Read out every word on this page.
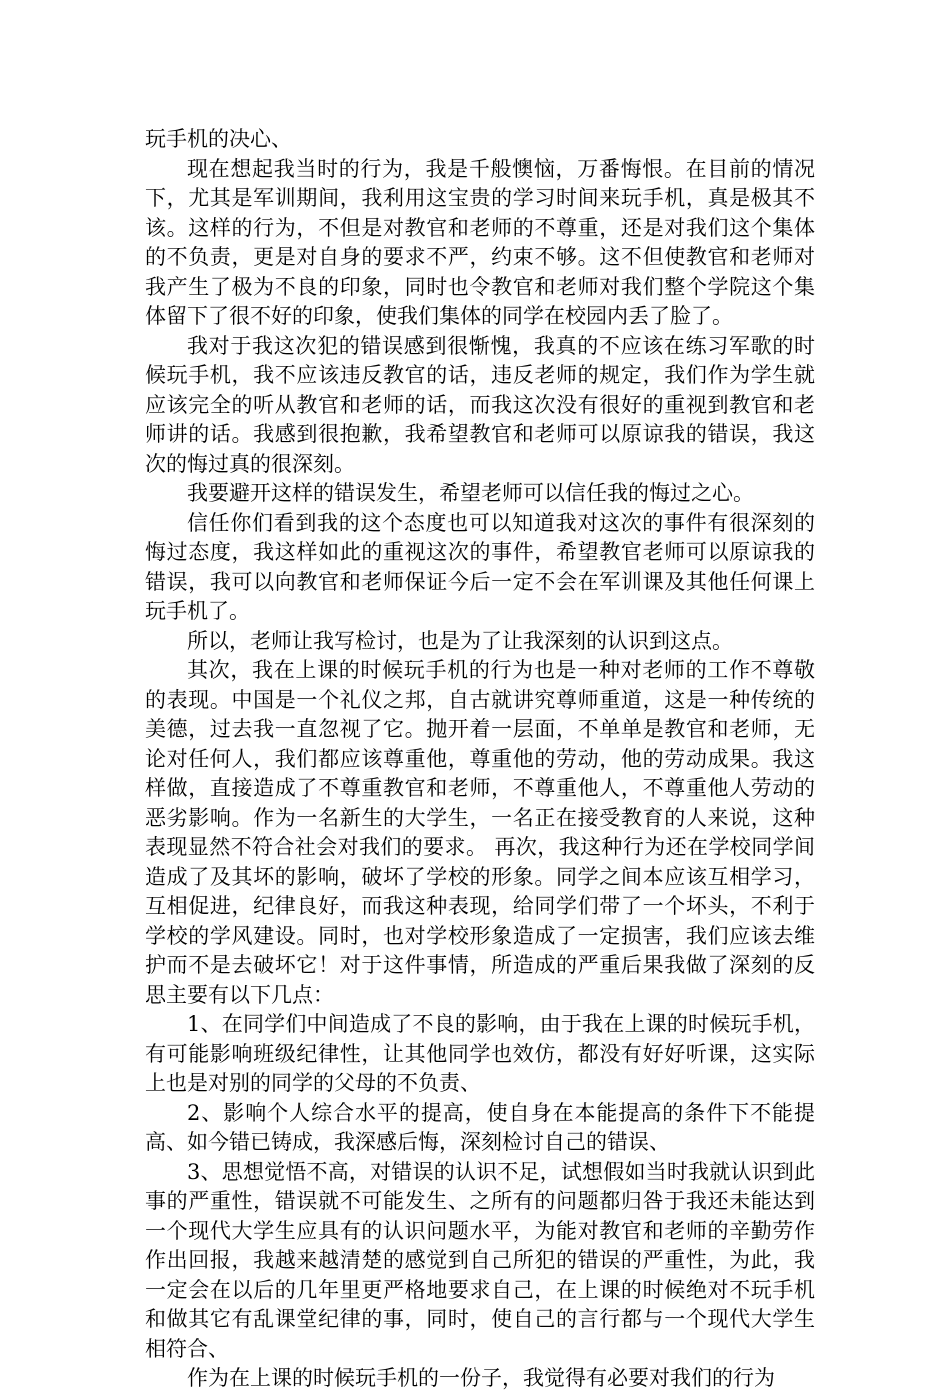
玩手机的决心、

现在想起我当时的行为，我是千般懊恼，万番悔恨。在目前的情况下，尤其是军训期间，我利用这宝贵的学习时间来玩手机，真是极其不该。这样的行为，不但是对教官和老师的不尊重，还是对我们这个集体的不负责，更是对自身的要求不严，约束不够。这不但使教官和老师对我产生了极为不良的印象，同时也令教官和老师对我们整个学院这个集体留下了很不好的印象，使我们集体的同学在校园内丢了脸了。

我对于我这次犯的错误感到很惭愧，我真的不应该在练习军歌的时候玩手机，我不应该违反教官的话，违反老师的规定，我们作为学生就应该完全的听从教官和老师的话，而我这次没有很好的重视到教官和老师讲的话。我感到很抱歉，我希望教官和老师可以原谅我的错误，我这次的悔过真的很深刻。

我要避开这样的错误发生，希望老师可以信任我的悔过之心。

信任你们看到我的这个态度也可以知道我对这次的事件有很深刻的悔过态度，我这样如此的重视这次的事件，希望教官老师可以原谅我的错误，我可以向教官和老师保证今后一定不会在军训课及其他任何课上玩手机了。

所以，老师让我写检讨，也是为了让我深刻的认识到这点。

其次，我在上课的时候玩手机的行为也是一种对老师的工作不尊敬的表现。中国是一个礼仪之邦，自古就讲究尊师重道，这是一种传统的美德，过去我一直忽视了它。抛开着一层面，不单单是教官和老师，无论对任何人，我们都应该尊重他，尊重他的劳动，他的劳动成果。我这样做，直接造成了不尊重教官和老师，不尊重他人，不尊重他人劳动的恶劣影响。作为一名新生的大学生，一名正在接受教育的人来说，这种表现显然不符合社会对我们的要求。 再次，我这种行为还在学校同学间造成了及其坏的影响，破坏了学校的形象。同学之间本应该互相学习，互相促进，纪律良好，而我这种表现，给同学们带了一个坏头，不利于学校的学风建设。同时，也对学校形象造成了一定损害，我们应该去维护而不是去破坏它！对于这件事情，所造成的严重后果我做了深刻的反思主要有以下几点：

1、在同学们中间造成了不良的影响，由于我在上课的时候玩手机，有可能影响班级纪律性，让其他同学也效仿，都没有好好听课，这实际上也是对别的同学的父母的不负责、

2、影响个人综合水平的提高，使自身在本能提高的条件下不能提高、如今错已铸成，我深感后悔，深刻检讨自己的错误、

3、思想觉悟不高，对错误的认识不足，试想假如当时我就认识到此事的严重性，错误就不可能发生、之所有的问题都归咎于我还未能达到一个现代大学生应具有的认识问题水平，为能对教官和老师的辛勤劳作作出回报，我越来越清楚的感觉到自己所犯的错误的严重性，为此，我一定会在以后的几年里更严格地要求自己，在上课的时候绝对不玩手机和做其它有乱课堂纪律的事，同时，使自己的言行都与一个现代大学生相符合、

作为在上课的时候玩手机的一份子，我觉得有必要对我们的行为
